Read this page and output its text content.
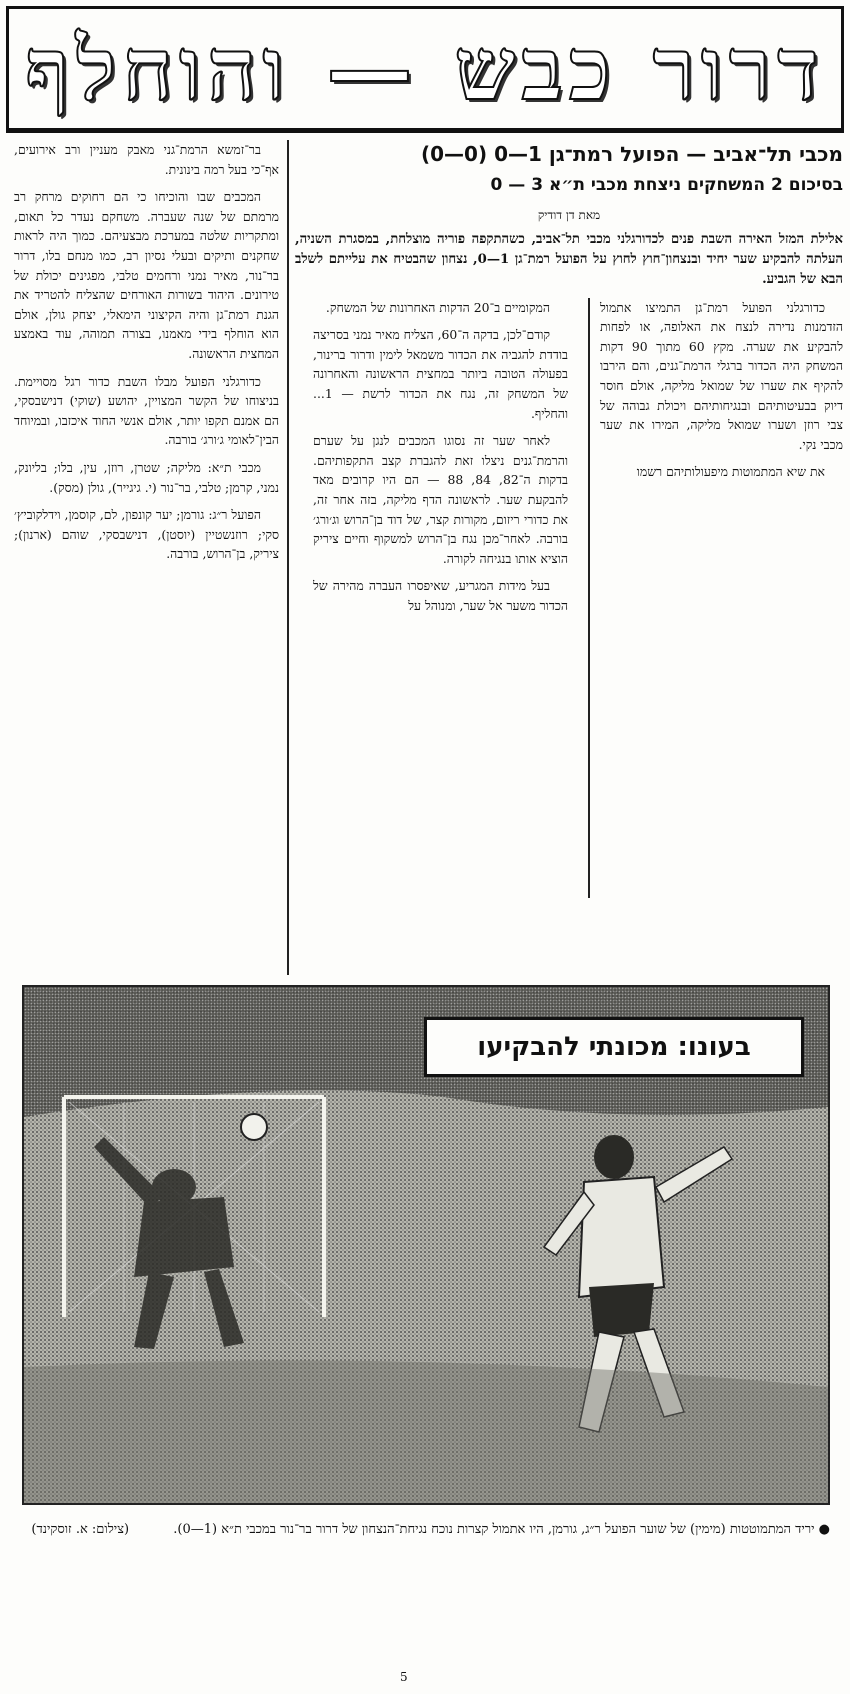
דרור כבש — והוחלף
מכבי תל־אביב — הפועל רמת־גן 1—0 (0—0)
בסיכום 2 המשחקים ניצחת מכבי ת״א 3 — 0
מאת דן דודיק
אלילת המזל האירה השבת פנים לכדורגלני מכבי תל־אביב, כשהתקפה פוריה מוצלחת, במסגרת השניה, העלתה להבקיע שער יחיד ובנצחון־חוץ לחוץ על הפועל רמת־גן 1—0, נצחון שהבטיח את עלייתם לשלב הבא של הגביע.

כדורגלני הפועל רמת־גן התמיצו אתמול הזדמנות נדירה לנצח את האלופה, או לפחות להבקיע את שערה. מקץ 60 מתוך 90 דקות המשחק היה הכדור ברגלי הרמת־גנים, והם הירבו להקיף את שערו של שמואל מליקה, אולם חוסר דיוק בבעיטותיהם ובנגיחותיהם ויכולת גבוהה של צבי רוזן ושערו שמואל מליקה, המירו את שער מכבי נקי.

את שיא המתמוטות מיפעולותיהם רשמו

המקומיים ב־20 הדקות האחרונות של המשחק.

קודם־לכן, בדקה ה־60, הצליח מאיר נמני בסריצה בודדת להגביה את הכדור משמאל לימין ודרור ברינור, בפעולה הטובה ביותר במחצית הראשונה והאחרונה של המשחק זה, נגח את הכדור לרשת — 1... והחליף.

לאחר שער זה נסוגו המכבים לנגן על שערם והרמת־גנים ניצלו זאת להגברת קצב התקפותיהם. בדקות ה־82, 84, 88 — הם היו קרובים מאד להבקעת שער. לראשונה הדף מליקה, בזה אחר זה, את כדורי ריזום, מקורות קצר, של דוד בן־הרוש וג׳ורג׳ בורבה. לאחר־מכן נגח בן־הרוש למשקוף וחיים ציריק הוציא אותו בנגיחה לקורה.

בעל מידות המגריע, שאיפסרו העברה מהירה של הכדור משער אל שער, ומנוהל על

בר־זמשא הרמת־גני מאבק מעניין ורב אירועים, אף־כי בעל רמה בינונית.

המכבים שבו והוכיחו כי הם רחוקים מרחק רב מרמתם של שנה שעברה. משחקם נעדר כל תאום, ומתקריות שלטה במערכת מבצעיהם. כמוך היה לראות שחקנים ותיקים ובעלי נסיון רב, כמו מנחם בלו, דרור בר־נור, מאיר נמני ורחמים טלבי, מפגינים יכולת של טירונים. היהוד בשורות האורחים שהצליח להטריד את הגנת רמת־גן והיה הקיצוני הימאלי, יצחק גולן, אולם הוא הוחלף בידי מאמנו, בצורה תמוהה, עוד באמצע המחצית הראשונה.

כדורגלני הפועל מבלו השבת כדור רגל מסויימת. בניצוחו של הקשר המצויין, יהושע (שוקי) דנישבסקי, הם אמנם תקפו יותר, אולם אנשי החוד איכזבו, ובמיוחד הבין־לאומי ג׳ורג׳ בורבה.

מכבי ת״א: מליקה; שטרן, רוזן, עין, בלו; בליונק, נמני, קרמן; טלבי, בר־נור (י. גיגייר), גולן (מסק).

הפועל ר״ג: גורמן; יער קונפון, לם, קוסמן, וידלקוביץ׳ סקי; רוזנשטיין (יוסטן), דנישבסקי, שוהם (ארנון); ציריק, בן־הרוש, בורבה.

בעונו: מכונתי להבקיעו
● יריד המתמוטטות (מימין) של שוער הפועל ר״ג, גורמן, היו אתמול קצרות נוכח נגיחת־הנצחון של דרור בר־נור במכבי ת״א (1—0). (צילום: א. זוסקינד)
5
